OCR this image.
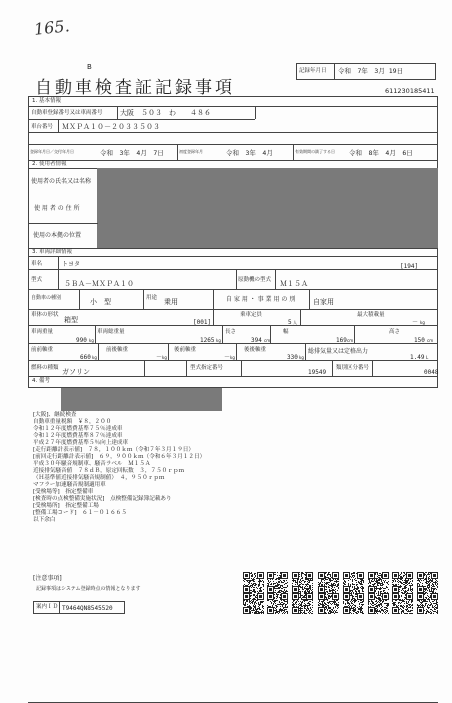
165.
記録年月日 令和　7年　3月 19日
B
自動車検査証記録事項	611230185411
1. 基本情報
自動車登録番号又は車両番号 大阪　５０３　わ　　４８６
車台番号 ＭＸＰＡ１０－２０３３５０３
登録年月日／交付年月日	令和　3年　4月　7日	初度登録年月	令和　3年　4月	有効期間の満了する日 令和　8年　4月　6日
2. 使用者情報
使用者の氏名又は名称
使 用 者 の 住 所
使用の本拠の位置
3. 車両詳細情報
車名	トヨタ	[194]
型式	５ＢＡ－ＭＸＰＡ１０	原動機の型式 Ｍ１５Ａ
自動車の種別	小　型	用途 乗用	自 家 用 ・ 事 業 用 の 別	自家用
車体の形状
箱型	[001]
乗車定員
5 人
最大積載量
－ kg
車両重量
990 kg
車両総重量
1265 kg
長さ
394 cm
幅
169 cm
高さ
150 cm
前前軸重
660 kg
前後軸重
－ kg
後前軸重
－ kg
後後軸重
330 kg
総排気量又は定格出力
1.49 L
燃料の種類 ガソリン	型式指定番号
19549
類別区分番号
0048
4. 備考
[大阪]、継続検査
自動車重量税額　￥８，２００
令和１２年度燃費基準７５％達成車
令和１２年度燃費基準８７％達成車
平成２７年度燃費基準５％向上達成車
[走行距離計表示値]　７８，１００ｋｍ（令和７年３月１９日）
[前回走行距離計表示値]　６９，９００ｋｍ（令和６年３月１２日）
平成３０年騒音規制車、騒音ラベル　Ｍ１５Ａ
近接排気騒音値　７８ｄＢ，原定回転数　３，７５０ｒｐｍ
（Ｈ基準値近接排気騒音規制値）　４，９５０ｒｐｍ
マフラー加速騒音規制適用車
[受検場等]　指定整備車
[検査時の点検整備実施状況]　点検整備記録簿記載あり
[受検場所]　指定整備工場
[整備工場コード]　６１－０１６６５
以下余白
[注意事項]
記録事項はシステム登録時点の情報となります
案内ＩＤ T9464QN8545520
